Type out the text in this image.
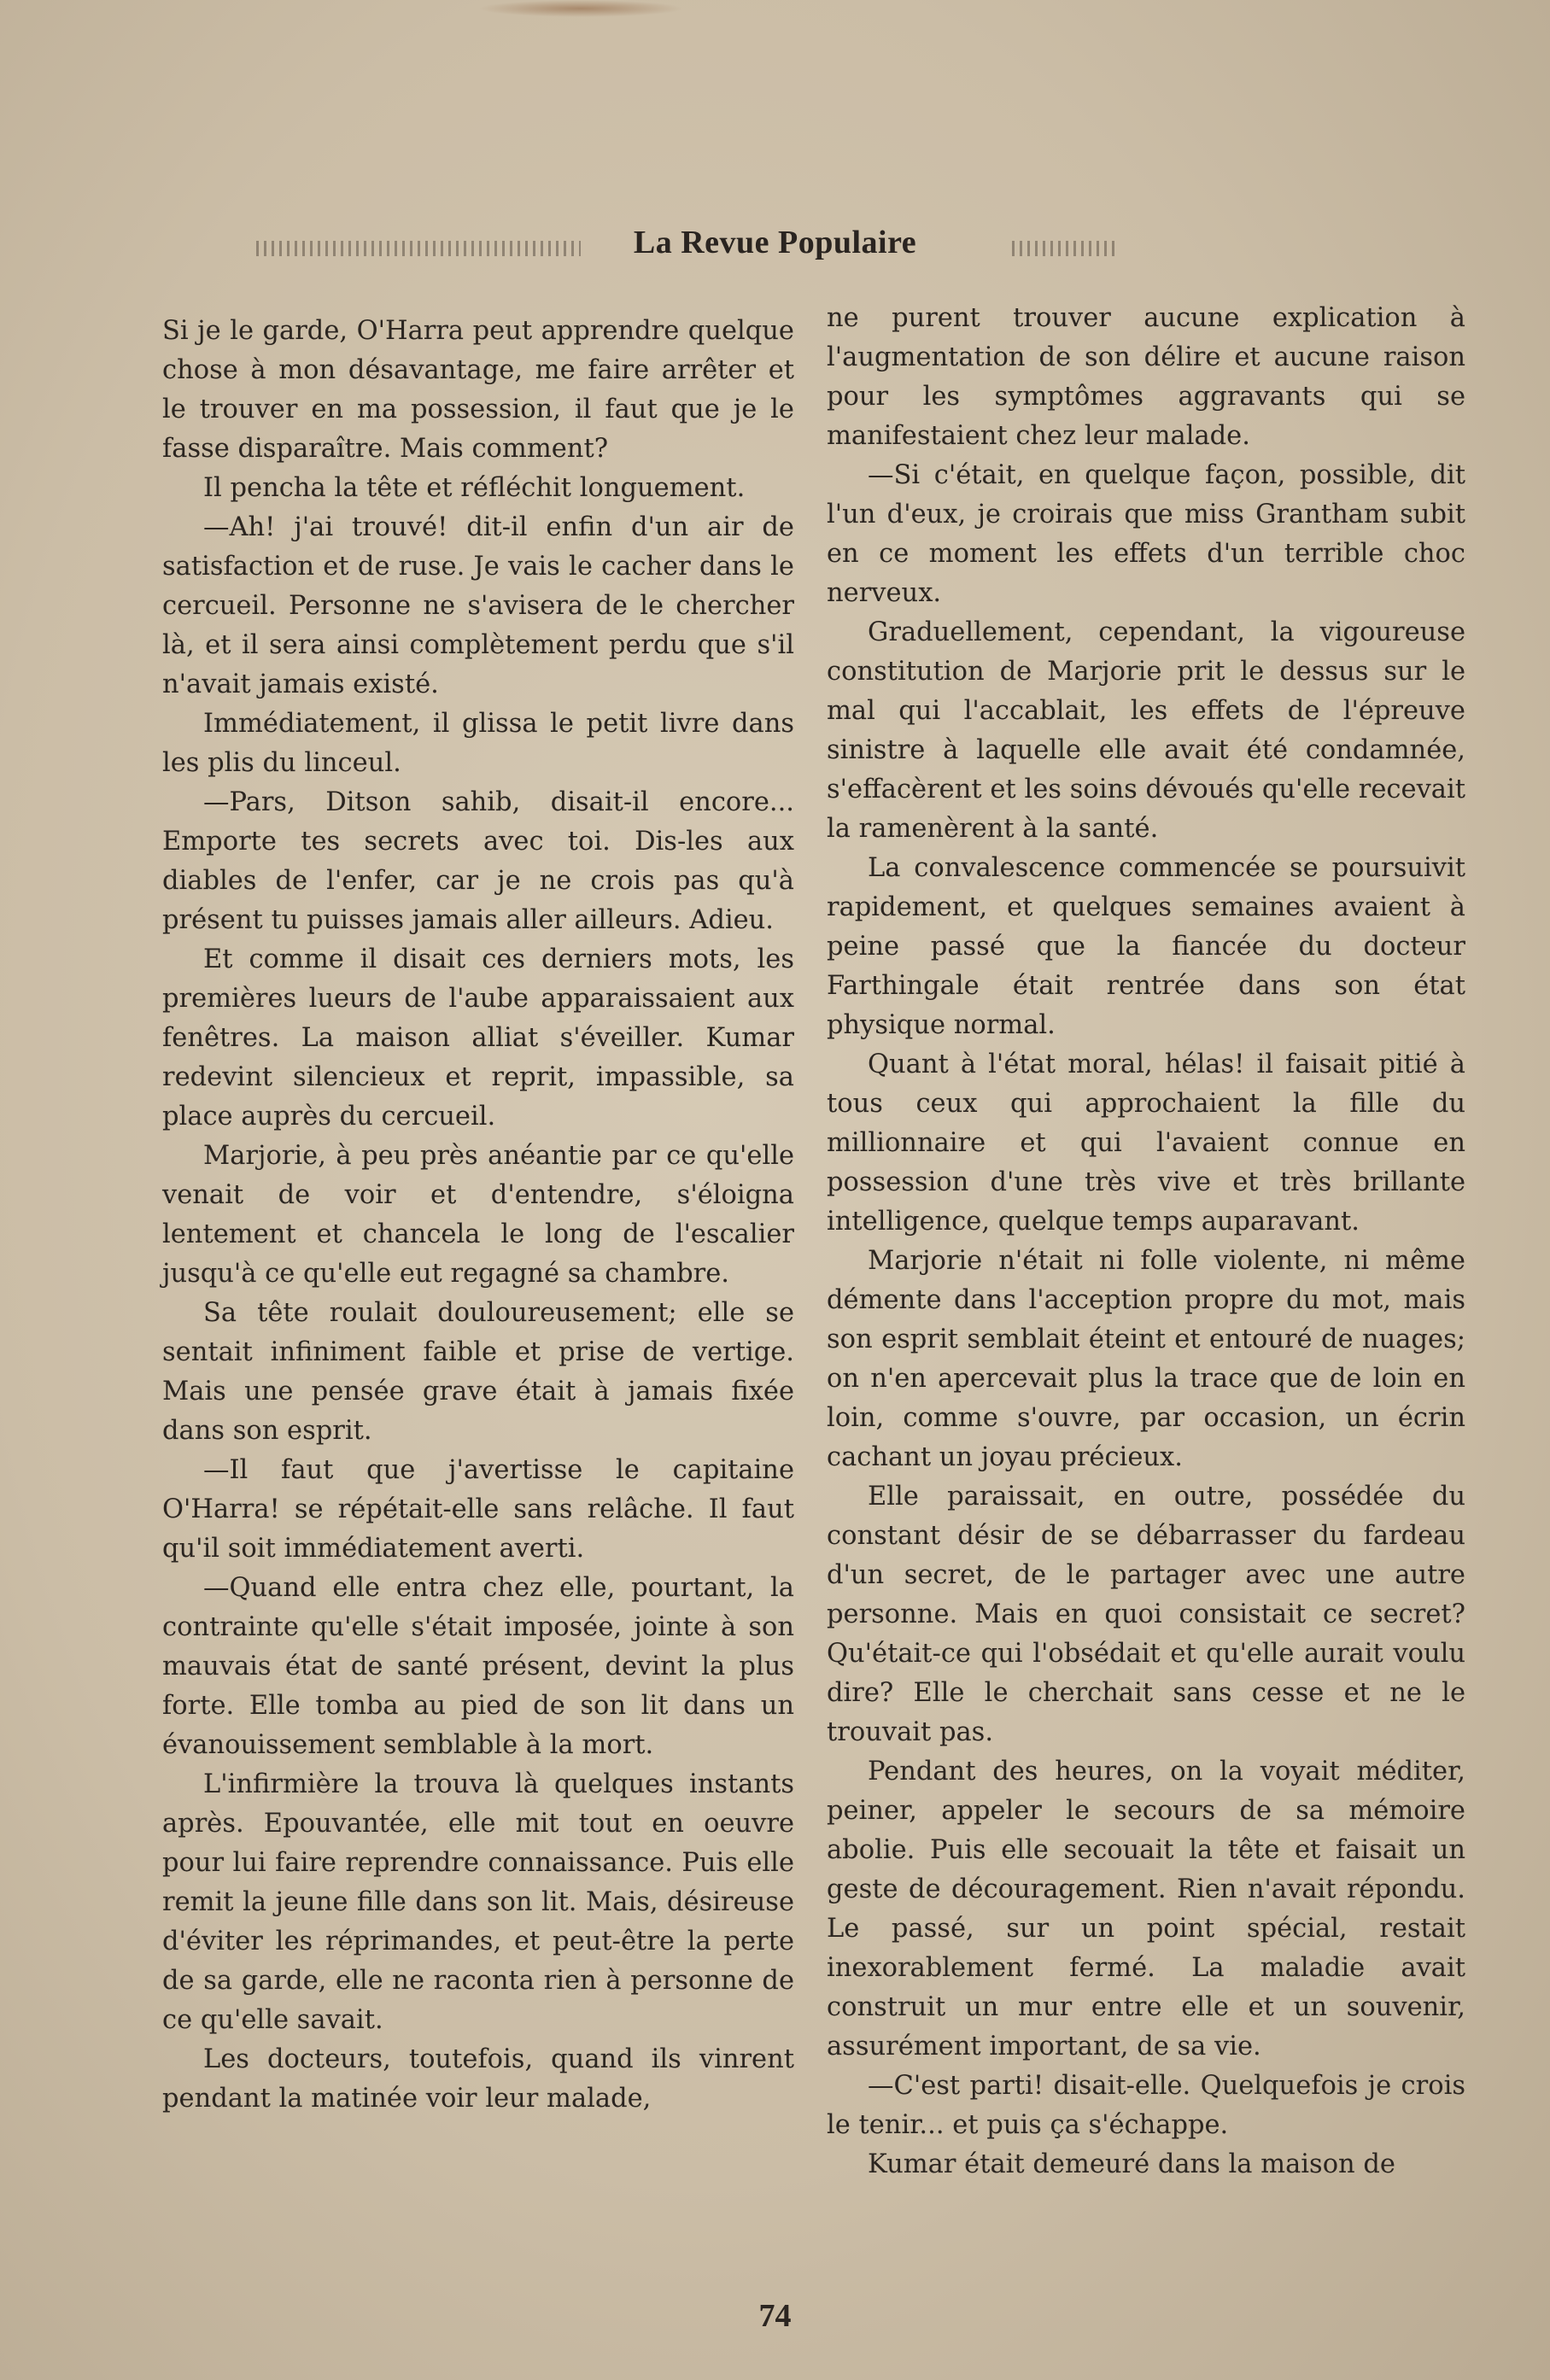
La Revue Populaire

Si je le garde, O'Harra peut apprendre quelque chose à mon désavantage, me faire arrêter et le trouver en ma possession, il faut que je le fasse disparaître. Mais comment?

Il pencha la tête et réfléchit longuement.

—Ah! j'ai trouvé! dit-il enfin d'un air de satisfaction et de ruse. Je vais le cacher dans le cercueil. Personne ne s'avisera de le chercher là, et il sera ainsi complètement perdu que s'il n'avait jamais existé.

Immédiatement, il glissa le petit livre dans les plis du linceul.

—Pars, Ditson sahib, disait-il encore... Emporte tes secrets avec toi. Dis-les aux diables de l'enfer, car je ne crois pas qu'à présent tu puisses jamais aller ailleurs. Adieu.

Et comme il disait ces derniers mots, les premières lueurs de l'aube apparaissaient aux fenêtres. La maison alliat s'éveiller. Kumar redevint silencieux et reprit, impassible, sa place auprès du cercueil.

Marjorie, à peu près anéantie par ce qu'elle venait de voir et d'entendre, s'éloigna lentement et chancela le long de l'escalier jusqu'à ce qu'elle eut regagné sa chambre.

Sa tête roulait douloureusement; elle se sentait infiniment faible et prise de vertige. Mais une pensée grave était à jamais fixée dans son esprit.

—Il faut que j'avertisse le capitaine O'Harra! se répétait-elle sans relâche. Il faut qu'il soit immédiatement averti.

—Quand elle entra chez elle, pourtant, la contrainte qu'elle s'était imposée, jointe à son mauvais état de santé présent, devint la plus forte. Elle tomba au pied de son lit dans un évanouissement semblable à la mort.

L'infirmière la trouva là quelques instants après. Epouvantée, elle mit tout en oeuvre pour lui faire reprendre connaissance. Puis elle remit la jeune fille dans son lit. Mais, désireuse d'éviter les réprimandes, et peut-être la perte de sa garde, elle ne raconta rien à personne de ce qu'elle savait.

Les docteurs, toutefois, quand ils vinrent pendant la matinée voir leur malade,

ne purent trouver aucune explication à l'augmentation de son délire et aucune raison pour les symptômes aggravants qui se manifestaient chez leur malade.

—Si c'était, en quelque façon, possible, dit l'un d'eux, je croirais que miss Grantham subit en ce moment les effets d'un terrible choc nerveux.

Graduellement, cependant, la vigoureuse constitution de Marjorie prit le dessus sur le mal qui l'accablait, les effets de l'épreuve sinistre à laquelle elle avait été condamnée, s'effacèrent et les soins dévoués qu'elle recevait la ramenèrent à la santé.

La convalescence commencée se poursuivit rapidement, et quelques semaines avaient à peine passé que la fiancée du docteur Farthingale était rentrée dans son état physique normal.

Quant à l'état moral, hélas! il faisait pitié à tous ceux qui approchaient la fille du millionnaire et qui l'avaient connue en possession d'une très vive et très brillante intelligence, quelque temps auparavant.

Marjorie n'était ni folle violente, ni même démente dans l'acception propre du mot, mais son esprit semblait éteint et entouré de nuages; on n'en apercevait plus la trace que de loin en loin, comme s'ouvre, par occasion, un écrin cachant un joyau précieux.

Elle paraissait, en outre, possédée du constant désir de se débarrasser du fardeau d'un secret, de le partager avec une autre personne. Mais en quoi consistait ce secret? Qu'était-ce qui l'obsédait et qu'elle aurait voulu dire? Elle le cherchait sans cesse et ne le trouvait pas.

Pendant des heures, on la voyait méditer, peiner, appeler le secours de sa mémoire abolie. Puis elle secouait la tête et faisait un geste de découragement. Rien n'avait répondu. Le passé, sur un point spécial, restait inexorablement fermé. La maladie avait construit un mur entre elle et un souvenir, assurément important, de sa vie.

—C'est parti! disait-elle. Quelquefois je crois le tenir... et puis ça s'échappe.

Kumar était demeuré dans la maison de

74
